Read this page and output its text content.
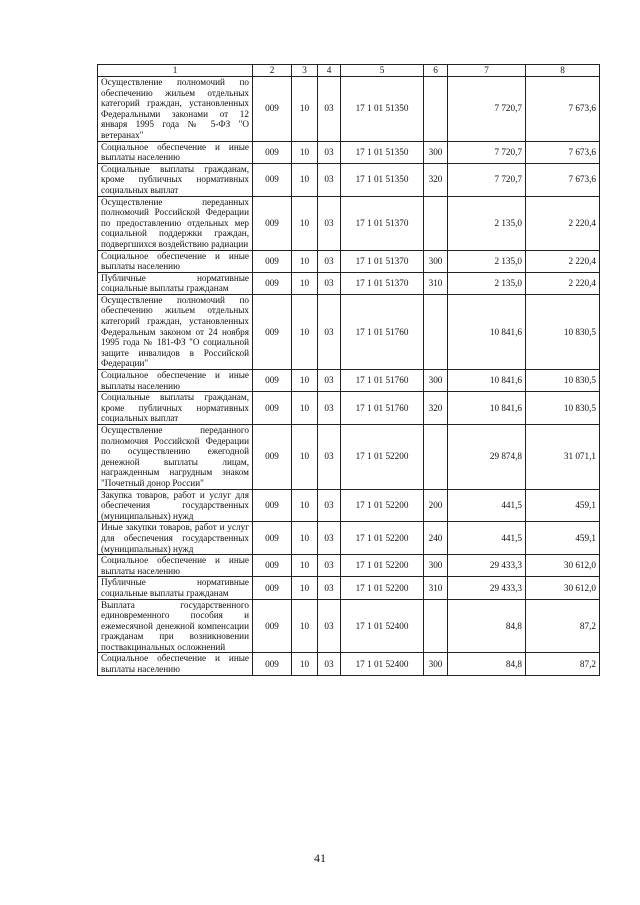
1	2	3	4	5	6	7	8
Осуществление полномочий по обеспечению жильем отдельных категорий граждан, установленных Федеральными законами от 12 января 1995 года № 5-ФЗ "О ветеранах"	009	10	03	17 1 01 51350		7 720,7	7 673,6
Социальное обеспечение и иные выплаты населению	009	10	03	17 1 01 51350	300	7 720,7	7 673,6
Социальные выплаты гражданам, кроме публичных нормативных социальных выплат	009	10	03	17 1 01 51350	320	7 720,7	7 673,6
Осуществление переданных полномочий Российской Федерации по предоставлению отдельных мер социальной поддержки граждан, подвергшихся воздействию радиации	009	10	03	17 1 01 51370		2 135,0	2 220,4
Социальное обеспечение и иные выплаты населению	009	10	03	17 1 01 51370	300	2 135,0	2 220,4
Публичные нормативные социальные выплаты гражданам	009	10	03	17 1 01 51370	310	2 135,0	2 220,4
Осуществление полномочий по обеспечению жильем отдельных категорий граждан, установленных Федеральным законом от 24 ноября 1995 года № 181-ФЗ "О социальной защите инвалидов в Российской Федерации"	009	10	03	17 1 01 51760		10 841,6	10 830,5
Социальное обеспечение и иные выплаты населению	009	10	03	17 1 01 51760	300	10 841,6	10 830,5
Социальные выплаты гражданам, кроме публичных нормативных социальных выплат	009	10	03	17 1 01 51760	320	10 841,6	10 830,5
Осуществление переданного полномочия Российской Федерации по осуществлению ежегодной денежной выплаты лицам, награжденным нагрудным знаком "Почетный донор России"	009	10	03	17 1 01 52200		29 874,8	31 071,1
Закупка товаров, работ и услуг для обеспечения государственных (муниципальных) нужд	009	10	03	17 1 01 52200	200	441,5	459,1
Иные закупки товаров, работ и услуг для обеспечения государственных (муниципальных) нужд	009	10	03	17 1 01 52200	240	441,5	459,1
Социальное обеспечение и иные выплаты населению	009	10	03	17 1 01 52200	300	29 433,3	30 612,0
Публичные нормативные социальные выплаты гражданам	009	10	03	17 1 01 52200	310	29 433,3	30 612,0
Выплата государственного единовременного пособия и ежемесячной денежной компенсации гражданам при возникновении поствакцинальных осложнений	009	10	03	17 1 01 52400		84,8	87,2
Социальное обеспечение и иные выплаты населению	009	10	03	17 1 01 52400	300	84,8	87,2
41
